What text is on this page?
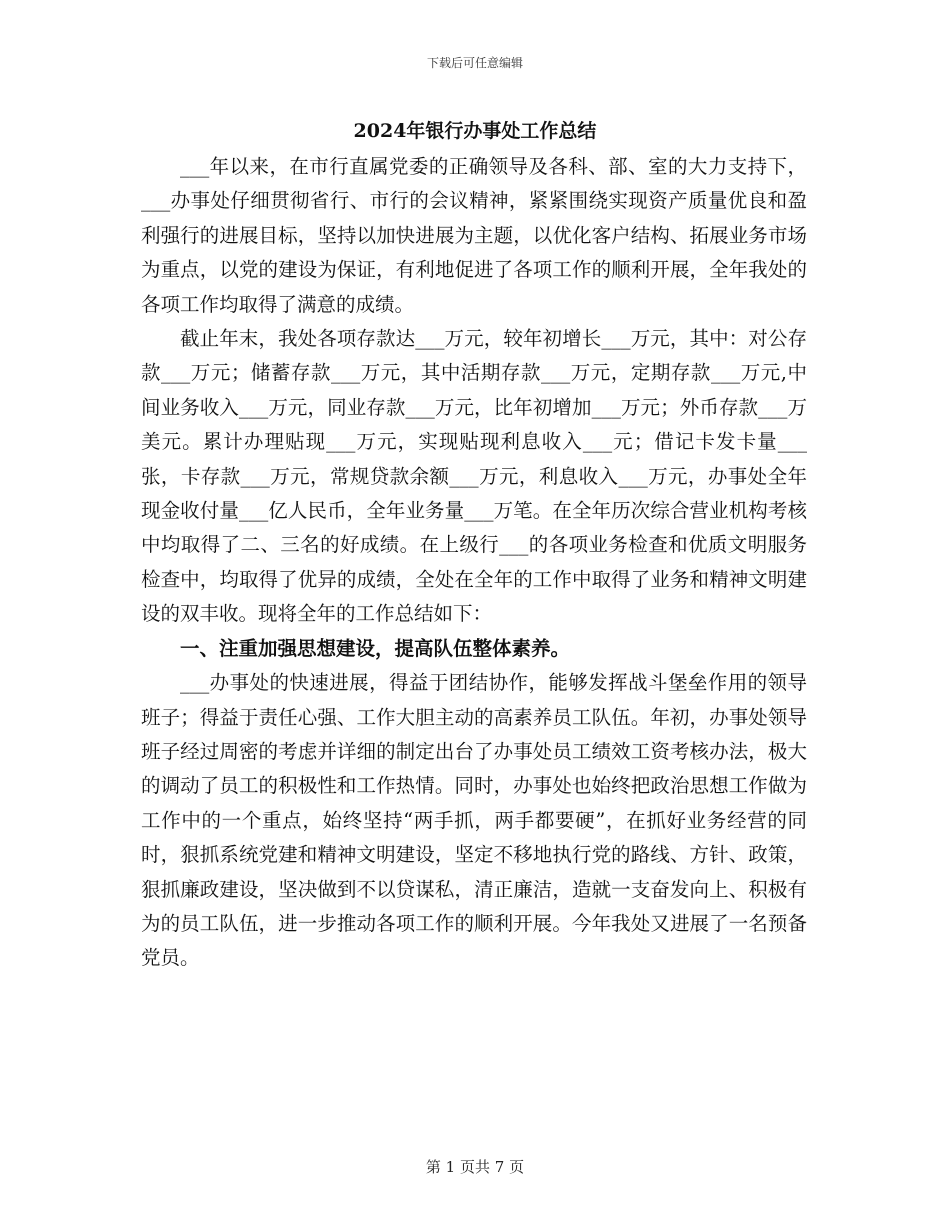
下载后可任意编辑
2024年银行办事处工作总结

___年以来，在市行直属党委的正确领导及各科、部、室的大力支持下，___办事处仔细贯彻省行、市行的会议精神，紧紧围绕实现资产质量优良和盈利强行的进展目标，坚持以加快进展为主题，以优化客户结构、拓展业务市场为重点，以党的建设为保证，有利地促进了各项工作的顺利开展，全年我处的各项工作均取得了满意的成绩。

截止年末，我处各项存款达___万元，较年初增长___万元，其中：对公存款___万元；储蓄存款___万元，其中活期存款___万元，定期存款___万元,中间业务收入___万元，同业存款___万元，比年初增加___万元；外币存款___万美元。累计办理贴现___万元，实现贴现利息收入___元；借记卡发卡量___张，卡存款___万元，常规贷款余额___万元，利息收入___万元，办事处全年现金收付量___亿人民币，全年业务量___万笔。在全年历次综合营业机构考核中均取得了二、三名的好成绩。在上级行___的各项业务检查和优质文明服务检查中，均取得了优异的成绩，全处在全年的工作中取得了业务和精神文明建设的双丰收。现将全年的工作总结如下：

一、注重加强思想建设，提高队伍整体素养。

___办事处的快速进展，得益于团结协作，能够发挥战斗堡垒作用的领导班子；得益于责任心强、工作大胆主动的高素养员工队伍。年初，办事处领导班子经过周密的考虑并详细的制定出台了办事处员工绩效工资考核办法，极大的调动了员工的积极性和工作热情。同时，办事处也始终把政治思想工作做为工作中的一个重点，始终坚持“两手抓，两手都要硬”，在抓好业务经营的同时，狠抓系统党建和精神文明建设，坚定不移地执行党的路线、方针、政策，狠抓廉政建设，坚决做到不以贷谋私，清正廉洁，造就一支奋发向上、积极有为的员工队伍，进一步推动各项工作的顺利开展。今年我处又进展了一名预备党员。

第 1 页共 7 页
